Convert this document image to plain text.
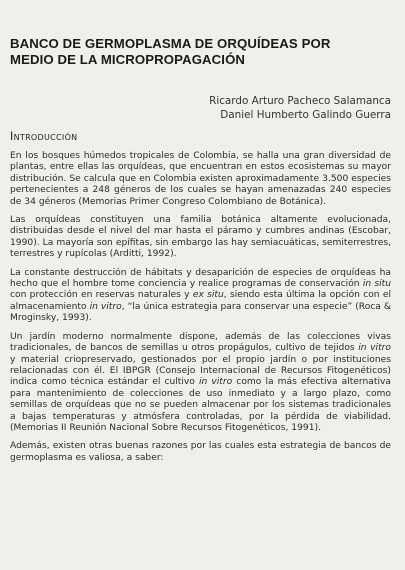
BANCO DE GERMOPLASMA DE ORQUÍDEAS POR
MEDIO DE LA MICROPROPAGACIÓN
Ricardo Arturo Pacheco Salamanca
Daniel Humberto Galindo Guerra
Introducción

En los bosques húmedos tropicales de Colombia, se halla una gran diversidad de plantas, entre ellas las orquídeas, que encuentran en estos ecosistemas su mayor distribución. Se calcula que en Colombia existen aproximadamente 3.500 especies pertenecientes a 248 géneros de los cuales se hayan amenazadas 240 especies de 34 géneros (Memorias Primer Congreso Colombiano de Botánica).

Las orquídeas constituyen una familia botánica altamente evolucionada, distribuidas desde el nivel del mar hasta el páramo y cumbres andinas (Escobar, 1990). La mayoría son epífitas, sin embargo las hay semiacuáticas, semiterrestres, terrestres y rupícolas (Arditti, 1992).

La constante destrucción de hábitats y desaparición de especies de orquídeas ha hecho que el hombre tome conciencia y realice programas de conservación in situ con protección en reservas naturales y ex situ, siendo esta última la opción con el almacenamiento in vitro, “la única estrategia para conservar una especie” (Roca & Mroginsky, 1993).

Un jardín moderno normalmente dispone, además de las colecciones vivas tradicionales, de bancos de semillas u otros propágulos, cultivo de tejidos in vitro y material criopreservado, gestionados por el propio jardín o por instituciones relacionadas con él. El IBPGR (Consejo Internacional de Recursos Fitogenéticos) indica como técnica estándar el cultivo in vitro como la más efectiva alternativa para mantenimiento de colecciones de uso inmediato y a largo plazo, como semillas de orquídeas que no se pueden almacenar por los sistemas tradicionales a bajas temperaturas y atmósfera controladas, por la pérdida de viabilidad. (Memorias II Reunión Nacional Sobre Recursos Fitogenéticos, 1991).

Además, existen otras buenas razones por las cuales esta estrategia de bancos de germoplasma es valiosa, a saber:
